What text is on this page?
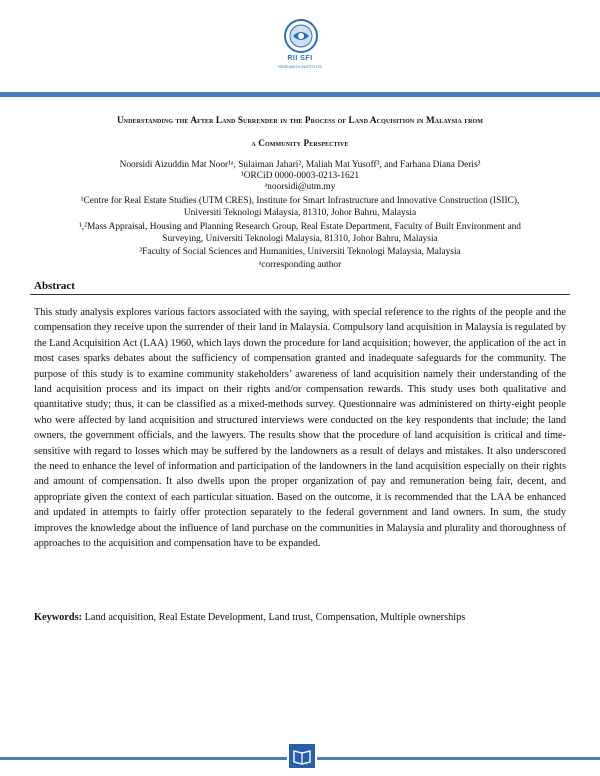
RII SFI
RESEARCH INSTITUTE
Understanding the After Land Surrender in the Process of Land Acquisition in Malaysia from
a Community Perspective
Noorsidi Aizuddin Mat Noor¹ᵃ, Sulaiman Jahari², Maliah Mat Yusoff³, and Farhana Diana Deris³
¹ORCiD 0000-0003-0213-1621
ᵃnoorsidi@utm.my
¹Centre for Real Estate Studies (UTM CRES), Institute for Smart Infrastructure and Innovative Construction (ISIIC),
Universiti Teknologi Malaysia, 81310, Johor Bahru, Malaysia
¹,²Mass Appraisal, Housing and Planning Research Group, Real Estate Department, Faculty of Built Environment and
Surveying, Universiti Teknologi Malaysia, 81310, Johor Bahru, Malaysia
³Faculty of Social Sciences and Humanities, Universiti Teknologi Malaysia, Malaysia
ᵃcorresponding author
Abstract

This study analysis explores various factors associated with the saying, with special reference to the rights of the people and the compensation they receive upon the surrender of their land in Malaysia. Compulsory land acquisition in Malaysia is regulated by the Land Acquisition Act (LAA) 1960, which lays down the procedure for land acquisition; however, the application of the act in most cases sparks debates about the sufficiency of compensation granted and inadequate safeguards for the community. The purpose of this study is to examine community stakeholders’ awareness of land acquisition namely their understanding of the land acquisition process and its impact on their rights and/or compensation rewards. This study uses both qualitative and quantitative study; thus, it can be classified as a mixed-methods survey. Questionnaire was administered on thirty-eight people who were affected by land acquisition and structured interviews were conducted on the key respondents that include; the land owners, the government officials, and the lawyers. The results show that the procedure of land acquisition is critical and time-sensitive with regard to losses which may be suffered by the landowners as a result of delays and mistakes. It also underscored the need to enhance the level of information and participation of the landowners in the land acquisition especially on their rights and amount of compensation. It also dwells upon the proper organization of pay and remuneration being fair, decent, and appropriate given the context of each particular situation. Based on the outcome, it is recommended that the LAA be enhanced and updated in attempts to fairly offer protection separately to the federal government and land owners. In sum, the study improves the knowledge about the influence of land purchase on the communities in Malaysia and plurality and thoroughness of approaches to the acquisition and compensation have to be expanded.

Keywords: Land acquisition, Real Estate Development, Land trust, Compensation, Multiple ownerships
